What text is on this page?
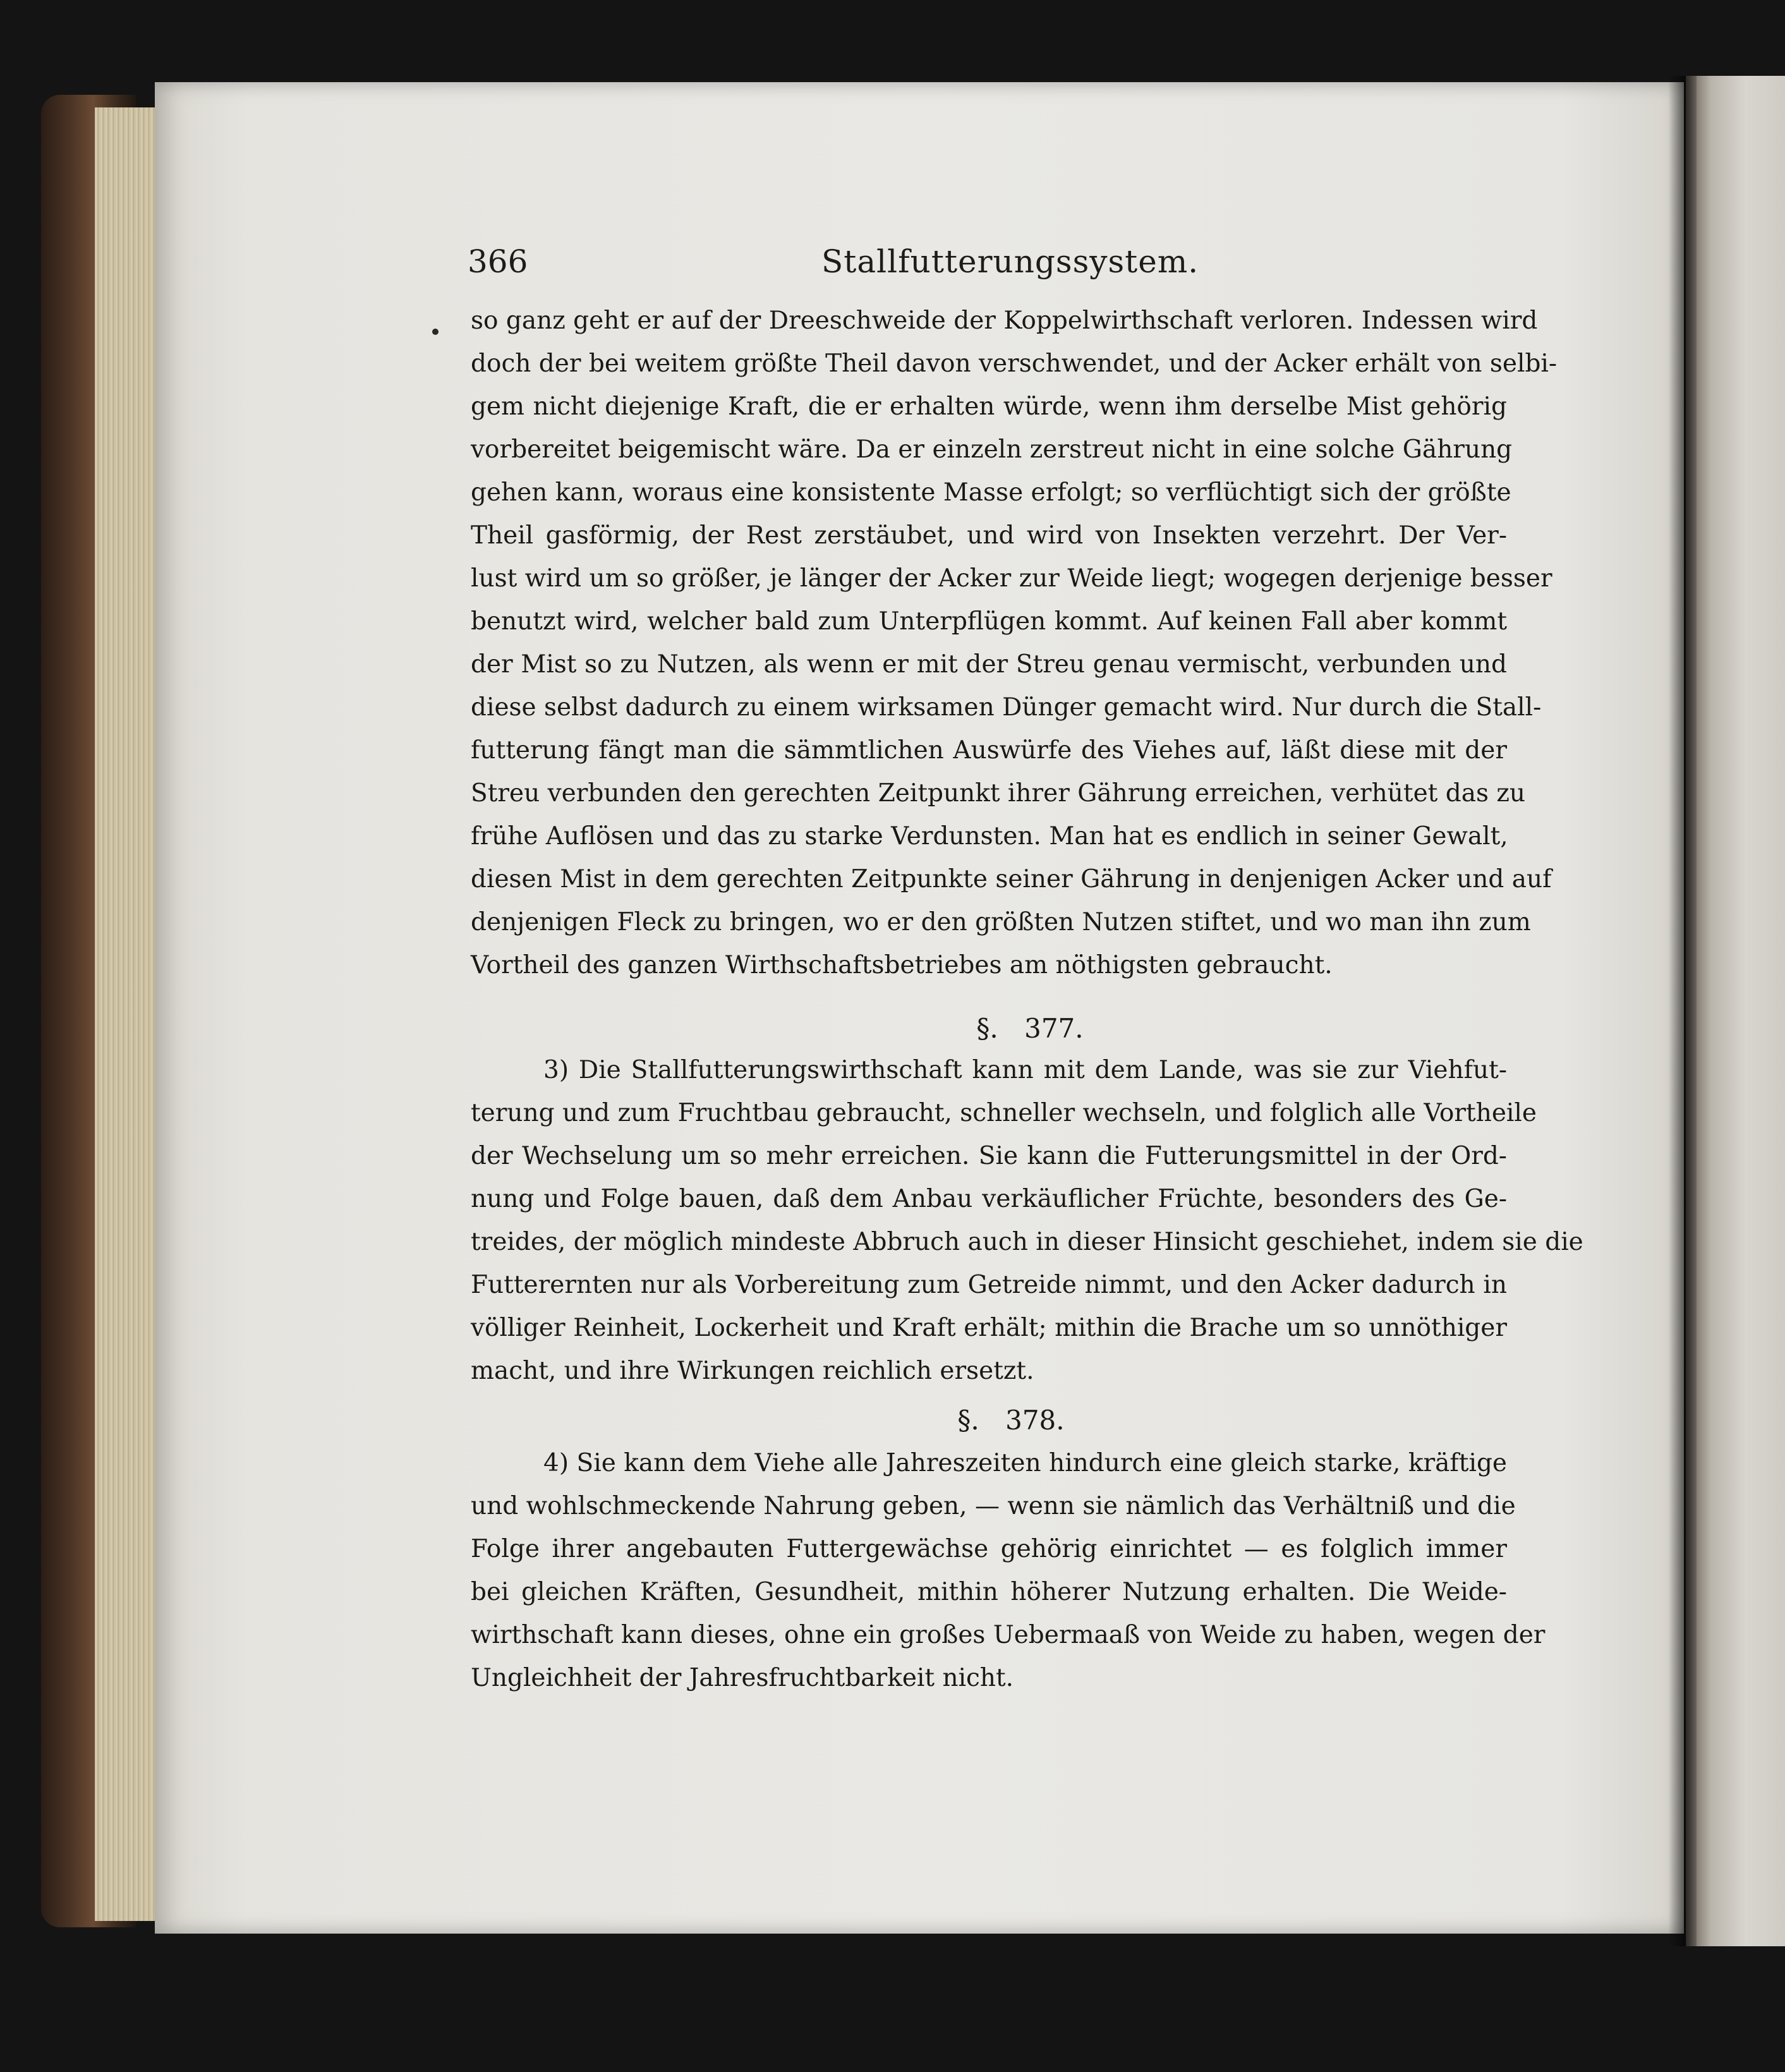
366	Stallfutterungssystem.

so ganz geht er auf der Dreeschweide der Koppelwirthschaft verloren. Indessen wird

doch der bei weitem größte Theil davon verschwendet, und der Acker erhält von selbi-

gem nicht diejenige Kraft, die er erhalten würde, wenn ihm derselbe Mist gehörig

vorbereitet beigemischt wäre. Da er einzeln zerstreut nicht in eine solche Gährung

gehen kann, woraus eine konsistente Masse erfolgt; so verflüchtigt sich der größte

Theil gasförmig, der Rest zerstäubet, und wird von Insekten verzehrt. Der Ver-

lust wird um so größer, je länger der Acker zur Weide liegt; wogegen derjenige besser

benutzt wird, welcher bald zum Unterpflügen kommt. Auf keinen Fall aber kommt

der Mist so zu Nutzen, als wenn er mit der Streu genau vermischt, verbunden und

diese selbst dadurch zu einem wirksamen Dünger gemacht wird. Nur durch die Stall-

futterung fängt man die sämmtlichen Auswürfe des Viehes auf, läßt diese mit der

Streu verbunden den gerechten Zeitpunkt ihrer Gährung erreichen, verhütet das zu

frühe Auflösen und das zu starke Verdunsten. Man hat es endlich in seiner Gewalt,

diesen Mist in dem gerechten Zeitpunkte seiner Gährung in denjenigen Acker und auf

denjenigen Fleck zu bringen, wo er den größten Nutzen stiftet, und wo man ihn zum

Vortheil des ganzen Wirthschaftsbetriebes am nöthigsten gebraucht.

§. 377.

3) Die Stallfutterungswirthschaft kann mit dem Lande, was sie zur Viehfut-

terung und zum Fruchtbau gebraucht, schneller wechseln, und folglich alle Vortheile

der Wechselung um so mehr erreichen. Sie kann die Futterungsmittel in der Ord-

nung und Folge bauen, daß dem Anbau verkäuflicher Früchte, besonders des Ge-

treides, der möglich mindeste Abbruch auch in dieser Hinsicht geschiehet, indem sie die

Futterernten nur als Vorbereitung zum Getreide nimmt, und den Acker dadurch in

völliger Reinheit, Lockerheit und Kraft erhält; mithin die Brache um so unnöthiger

macht, und ihre Wirkungen reichlich ersetzt.

§. 378.

4) Sie kann dem Viehe alle Jahreszeiten hindurch eine gleich starke, kräftige

und wohlschmeckende Nahrung geben, — wenn sie nämlich das Verhältniß und die

Folge ihrer angebauten Futtergewächse gehörig einrichtet — es folglich immer

bei gleichen Kräften, Gesundheit, mithin höherer Nutzung erhalten. Die Weide-

wirthschaft kann dieses, ohne ein großes Uebermaaß von Weide zu haben, wegen der

Ungleichheit der Jahresfruchtbarkeit nicht.
